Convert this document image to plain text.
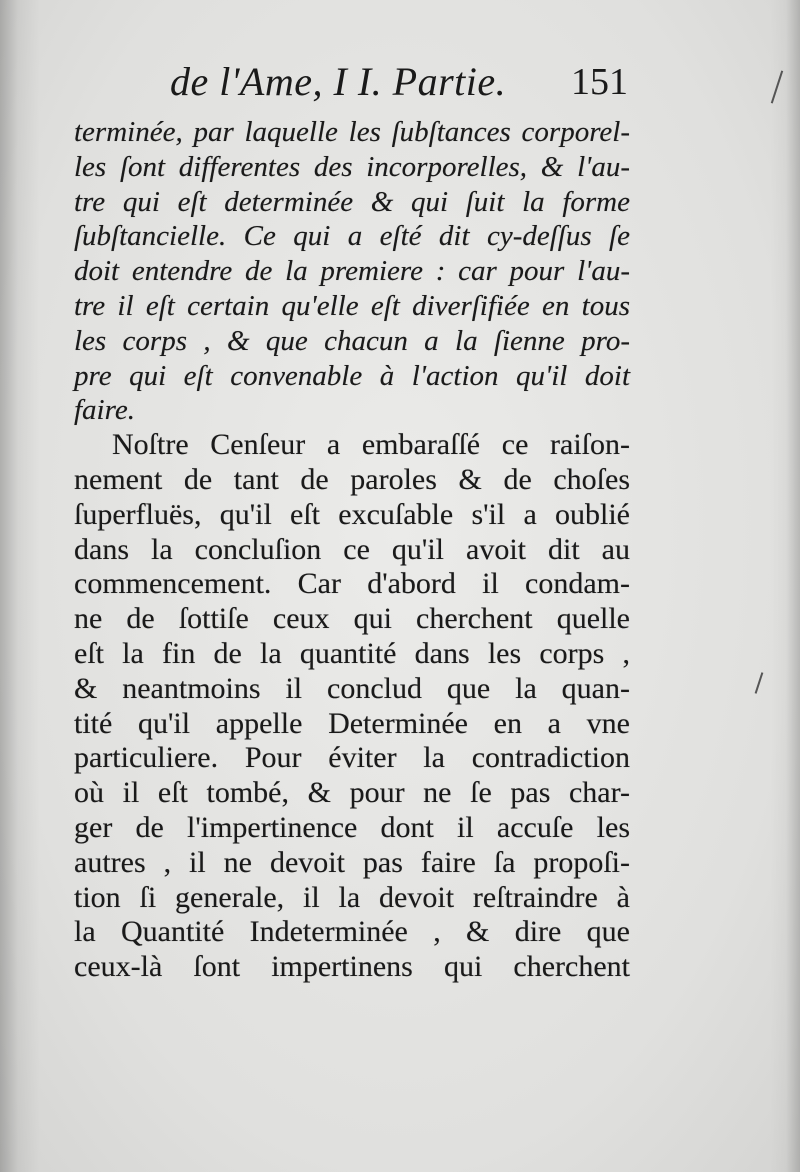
de l'Ame, I I. Partie. 151
terminée, par laquelle les ſubſtances corporel-
les ſont differentes des incorporelles, & l'au-
tre qui eſt determinée & qui ſuit la forme
ſubſtancielle. Ce qui a eſté dit cy-deſſus ſe
doit entendre de la premiere : car pour l'au-
tre il eſt certain qu'elle eſt diverſifiée en tous
les corps , & que chacun a la ſienne pro-
pre qui eſt convenable à l'action qu'il doit
faire.
Noſtre Cenſeur a embaraſſé ce raiſon-
nement de tant de paroles & de choſes
ſuperfluës, qu'il eſt excuſable s'il a oublié
dans la concluſion ce qu'il avoit dit au
commencement. Car d'abord il condam-
ne de ſottiſe ceux qui cherchent quelle
eſt la fin de la quantité dans les corps ,
& neantmoins il conclud que la quan-
tité qu'il appelle Determinée en a vne
particuliere. Pour éviter la contradiction
où il eſt tombé, & pour ne ſe pas char-
ger de l'impertinence dont il accuſe les
autres , il ne devoit pas faire ſa propoſi-
tion ſi generale, il la devoit reſtraindre à
la Quantité Indeterminée , & dire que
ceux-là ſont impertinens qui cherchent
